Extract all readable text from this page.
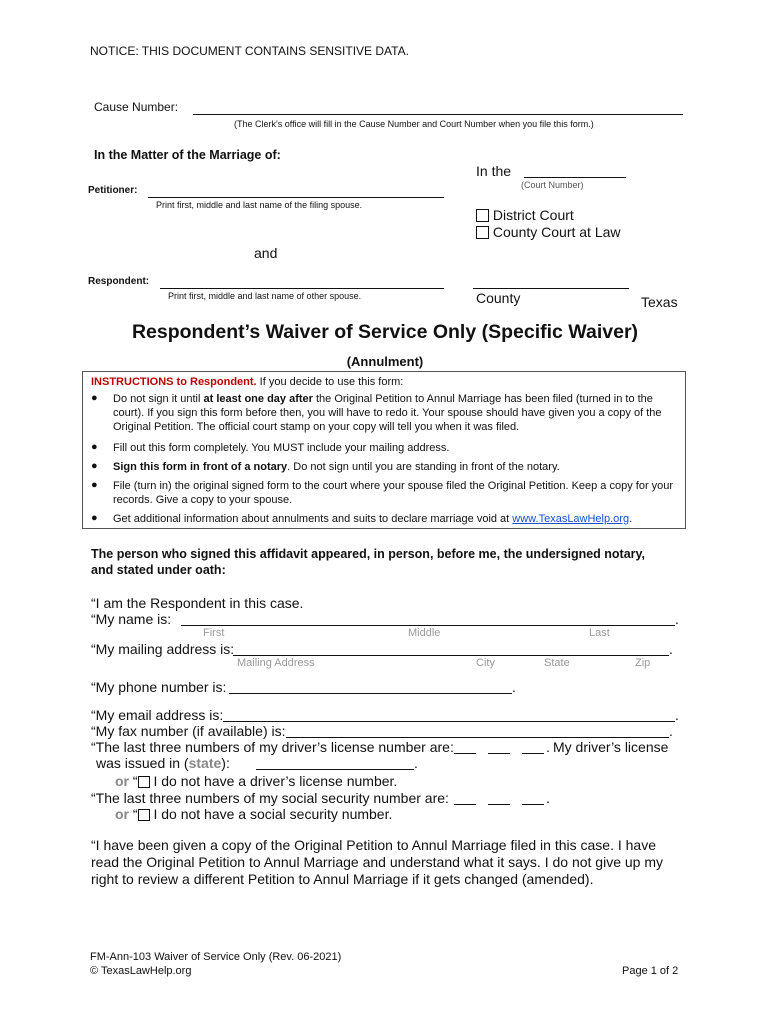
NOTICE: THIS DOCUMENT CONTAINS SENSITIVE DATA.
Cause Number:
(The Clerk's office will fill in the Cause Number and Court Number when you file this form.)
In the Matter of the Marriage of:
In the
(Court Number)
District Court
County Court at Law
Petitioner:
Print first, middle and last name of the filing spouse.
and
Respondent:
Print first, middle and last name of other spouse.	County	Texas
Respondent’s Waiver of Service Only (Specific Waiver)
(Annulment)
INSTRUCTIONS to Respondent. If you decide to use this form:
● Do not sign it until at least one day after the Original Petition to Annul Marriage has been filed (turned in to the court). If you sign this form before then, you will have to redo it. Your spouse should have given you a copy of the Original Petition. The official court stamp on your copy will tell you when it was filed.
● Fill out this form completely. You MUST include your mailing address.
● Sign this form in front of a notary. Do not sign until you are standing in front of the notary.
● File (turn in) the original signed form to the court where your spouse filed the Original Petition. Keep a copy for your records. Give a copy to your spouse.
● Get additional information about annulments and suits to declare marriage void at www.TexasLawHelp.org.
The person who signed this affidavit appeared, in person, before me, the undersigned notary,
and stated under oath:
“I am the Respondent in this case.
“My name is:	.
First	Middle	Last
“My mailing address is:	.
Mailing Address	City	State	Zip
“My phone number is:	.
“My email address is:	.
“My fax number (if available) is:	.
“The last three numbers of my driver’s license number are:	. My driver’s license
was issued in (state):	.
or “ I do not have a driver’s license number.
“The last three numbers of my social security number are:	.
or “ I do not have a social security number.
“I have been given a copy of the Original Petition to Annul Marriage filed in this case. I have
read the Original Petition to Annul Marriage and understand what it says. I do not give up my
right to review a different Petition to Annul Marriage if it gets changed (amended).
FM-Ann-103 Waiver of Service Only (Rev. 06-2021)
© TexasLawHelp.org	Page 1 of 2
